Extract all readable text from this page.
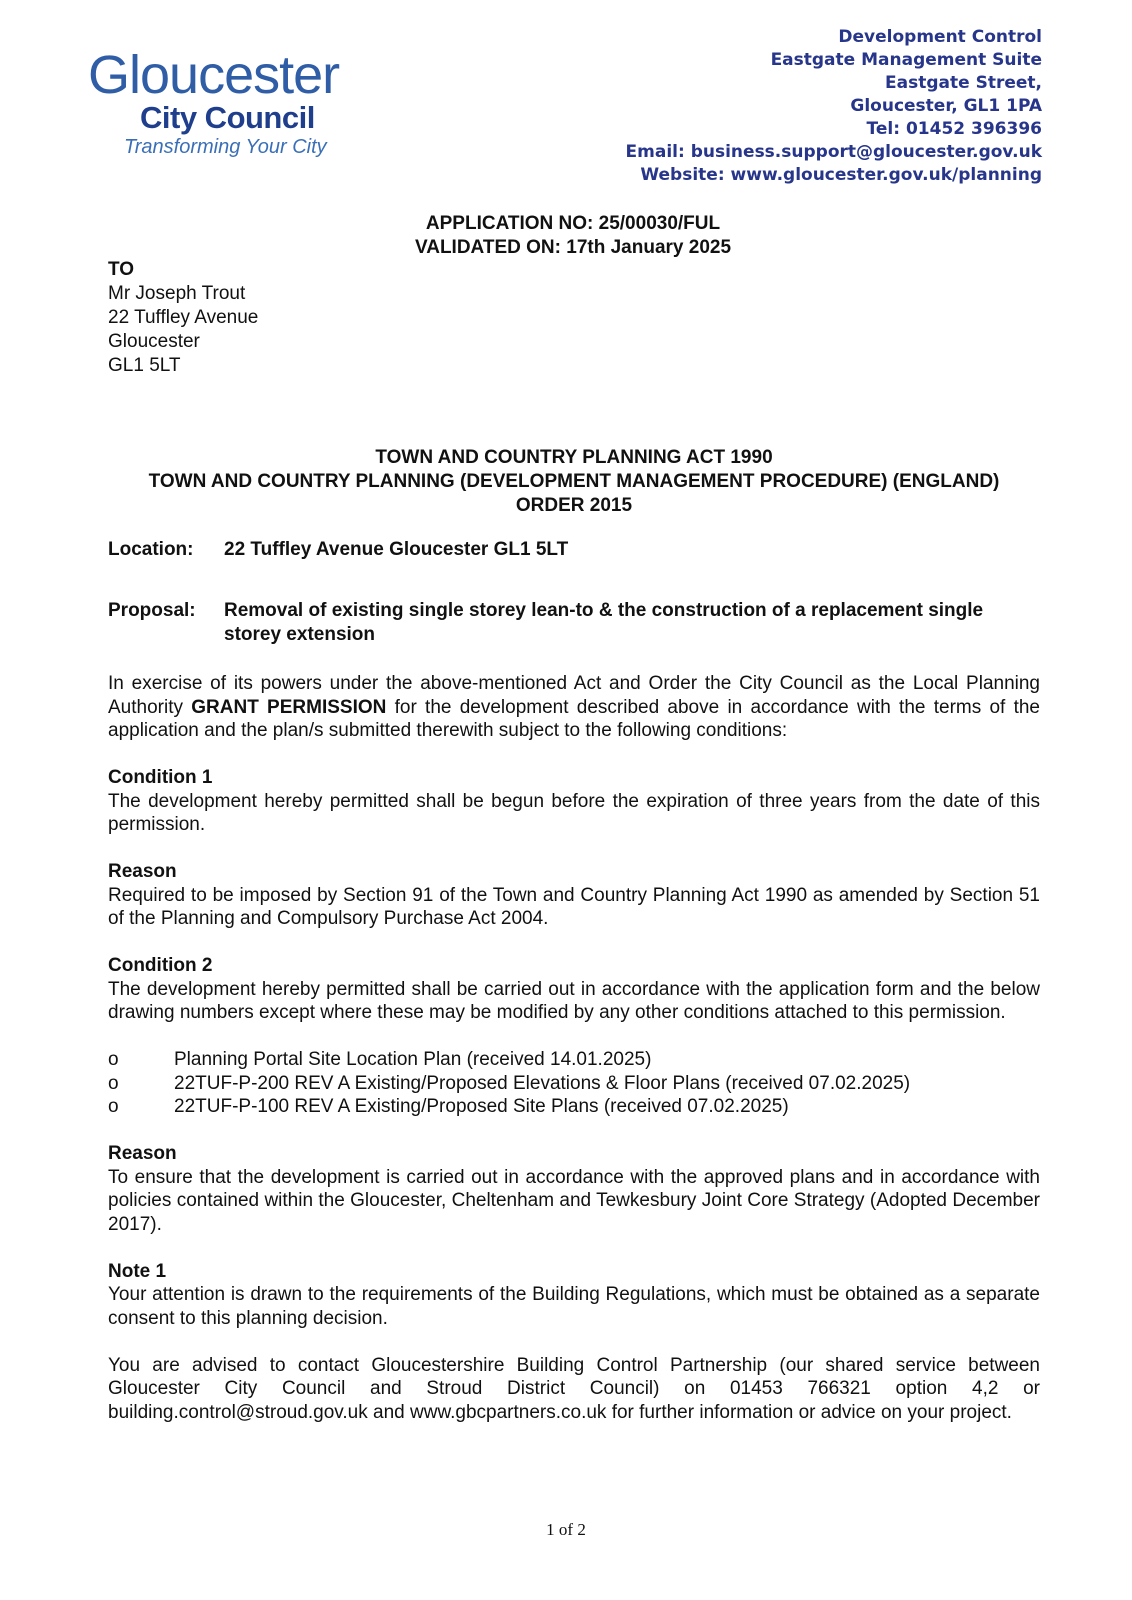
Gloucester
City Council
Transforming Your City
Development Control
Eastgate Management Suite
Eastgate Street,
Gloucester, GL1 1PA
Tel: 01452 396396
Email: business.support@gloucester.gov.uk
Website: www.gloucester.gov.uk/planning
APPLICATION NO: 25/00030/FUL
VALIDATED ON: 17th January 2025
TO
Mr Joseph Trout
22 Tuffley Avenue
Gloucester
GL1 5LT
TOWN AND COUNTRY PLANNING ACT 1990
TOWN AND COUNTRY PLANNING (DEVELOPMENT MANAGEMENT PROCEDURE) (ENGLAND)
ORDER 2015
Location:	22 Tuffley Avenue Gloucester GL1 5LT
Proposal:	Removal of existing single storey lean-to & the construction of a replacement single storey extension

In exercise of its powers under the above-mentioned Act and Order the City Council as the Local Planning Authority GRANT PERMISSION for the development described above in accordance with the terms of the application and the plan/s submitted therewith subject to the following conditions:

Condition 1

The development hereby permitted shall be begun before the expiration of three years from the date of this permission.

Reason

Required to be imposed by Section 91 of the Town and Country Planning Act 1990 as amended by Section 51 of the Planning and Compulsory Purchase Act 2004.

Condition 2

The development hereby permitted shall be carried out in accordance with the application form and the below drawing numbers except where these may be modified by any other conditions attached to this permission.

o	Planning Portal Site Location Plan (received 14.01.2025)
o	22TUF-P-200 REV A Existing/Proposed Elevations & Floor Plans (received 07.02.2025)
o	22TUF-P-100 REV A Existing/Proposed Site Plans (received 07.02.2025)
Reason

To ensure that the development is carried out in accordance with the approved plans and in accordance with policies contained within the Gloucester, Cheltenham and Tewkesbury Joint Core Strategy (Adopted December 2017).

Note 1

Your attention is drawn to the requirements of the Building Regulations, which must be obtained as a separate consent to this planning decision.

You are advised to contact Gloucestershire Building Control Partnership (our shared service between Gloucester City Council and Stroud District Council) on 01453 766321 option 4,2 or building.control@stroud.gov.uk and www.gbcpartners.co.uk for further information or advice on your project.

1 of 2
